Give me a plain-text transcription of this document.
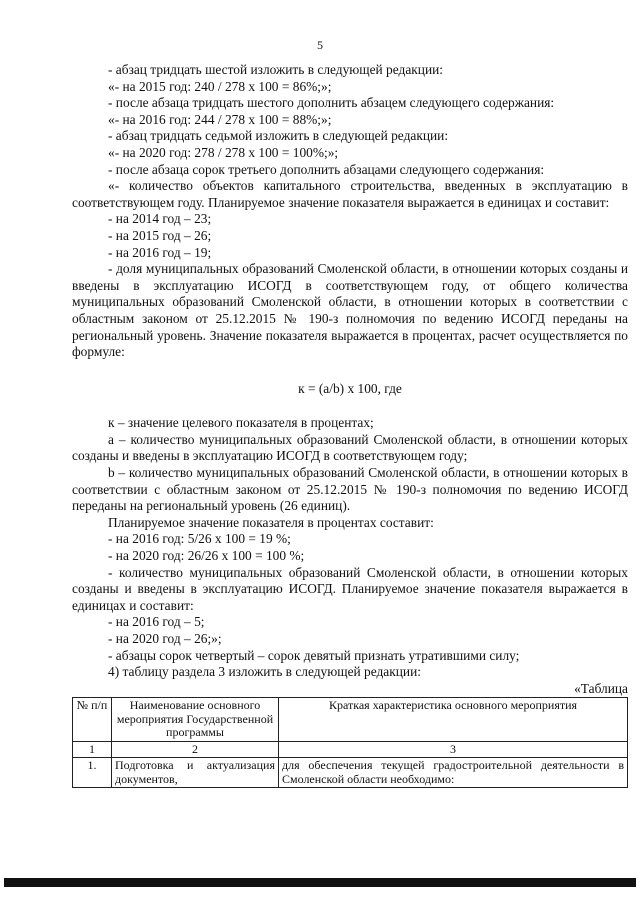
5

- абзац тридцать шестой изложить в следующей редакции:

«- на 2015 год: 240 / 278 x 100 = 86%;»;

- после абзаца тридцать шестого дополнить абзацем следующего содержания:

«- на 2016 год: 244 / 278 x 100 = 88%;»;

- абзац тридцать седьмой изложить в следующей редакции:

«- на 2020 год: 278 / 278 x 100 = 100%;»;

- после абзаца сорок третьего дополнить абзацами следующего содержания:

«- количество объектов капитального строительства, введенных в эксплуатацию в соответствующем году. Планируемое значение показателя выражается в единицах и составит:

- на 2014 год – 23;

- на 2015 год – 26;

- на 2016 год – 19;

- доля муниципальных образований Смоленской области, в отношении которых созданы и введены в эксплуатацию ИСОГД в соответствующем году, от общего количества муниципальных образований Смоленской области, в отношении которых в соответствии с областным законом от 25.12.2015 № 190-з полномочия по ведению ИСОГД переданы на региональный уровень. Значение показателя выражается в процентах, расчет осуществляется по формуле:

к = (а/b) x 100, где

к – значение целевого показателя в процентах;

а – количество муниципальных образований Смоленской области, в отношении которых созданы и введены в эксплуатацию ИСОГД в соответствующем году;

b – количество муниципальных образований Смоленской области, в отношении которых в соответствии с областным законом от 25.12.2015 № 190-з полномочия по ведению ИСОГД переданы на региональный уровень (26 единиц).

Планируемое значение показателя в процентах составит:

- на 2016 год: 5/26 x 100 = 19 %;

- на 2020 год: 26/26 x 100 = 100 %;

- количество муниципальных образований Смоленской области, в отношении которых созданы и введены в эксплуатацию ИСОГД. Планируемое значение показателя выражается в единицах и составит:

- на 2016 год – 5;

- на 2020 год – 26;»;

- абзацы сорок четвертый – сорок девятый признать утратившими силу;

4) таблицу раздела 3 изложить в следующей редакции:

«Таблица

№ п/п	Наименование основного мероприятия Государственной программы	Краткая характеристика основного мероприятия
1	2	3
1.	Подготовка и актуализация документов,	для обеспечения текущей градостроительной деятельности в Смоленской области необходимо:
